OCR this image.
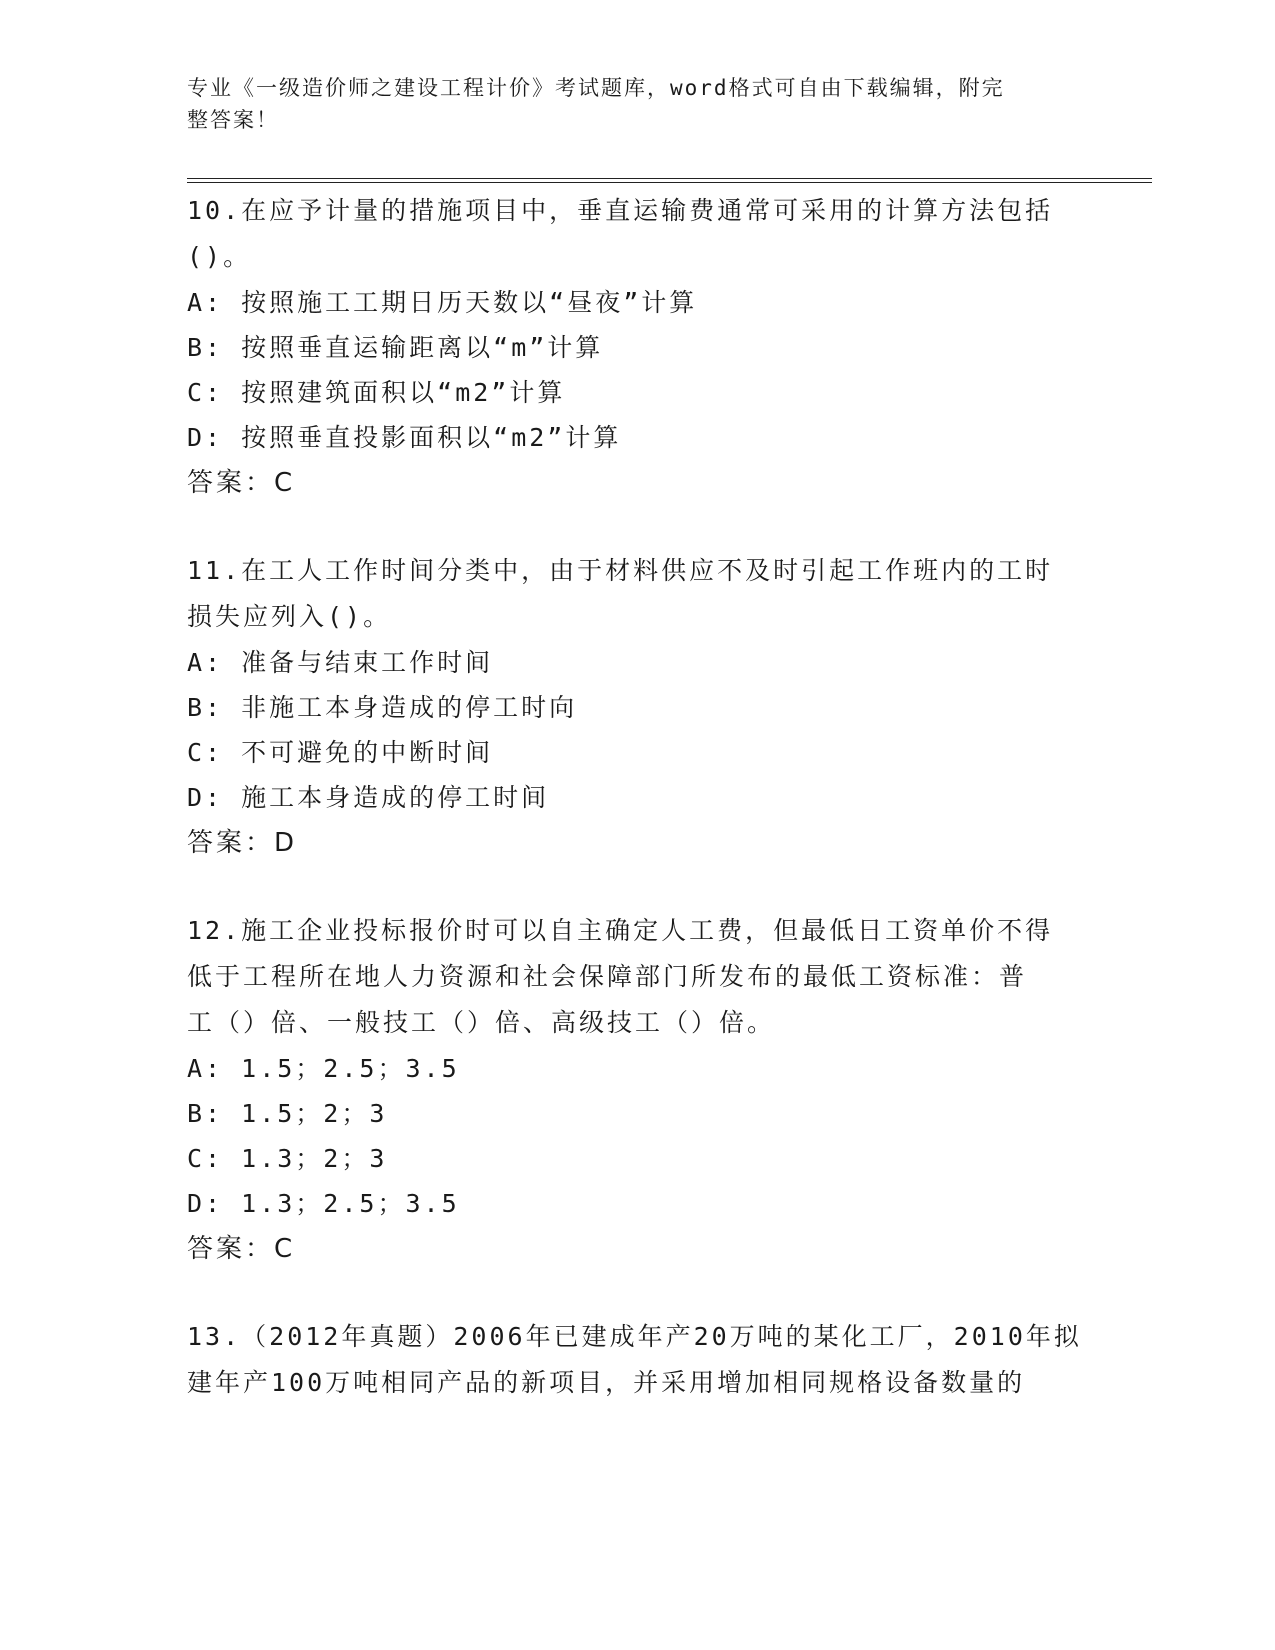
专业《一级造价师之建设工程计价》考试题库，word格式可自由下载编辑，附完
整答案！

10.在应予计量的措施项目中，垂直运输费通常可采用的计算方法包括

()。

A: 按照施工工期日历天数以“昼夜”计算

B: 按照垂直运输距离以“m”计算

C: 按照建筑面积以“m2”计算

D: 按照垂直投影面积以“m2”计算

答案：C

11.在工人工作时间分类中，由于材料供应不及时引起工作班内的工时

损失应列入()。

A: 准备与结束工作时间

B: 非施工本身造成的停工时向

C: 不可避免的中断时间

D: 施工本身造成的停工时间

答案：D

12.施工企业投标报价时可以自主确定人工费，但最低日工资单价不得

低于工程所在地人力资源和社会保障部门所发布的最低工资标准：普

工（）倍、一般技工（）倍、高级技工（）倍。

A: 1.5；2.5；3.5

B: 1.5；2；3

C: 1.3；2；3

D: 1.3；2.5；3.5

答案：C

13.（2012年真题）2006年已建成年产20万吨的某化工厂，2010年拟

建年产100万吨相同产品的新项目，并采用增加相同规格设备数量的
